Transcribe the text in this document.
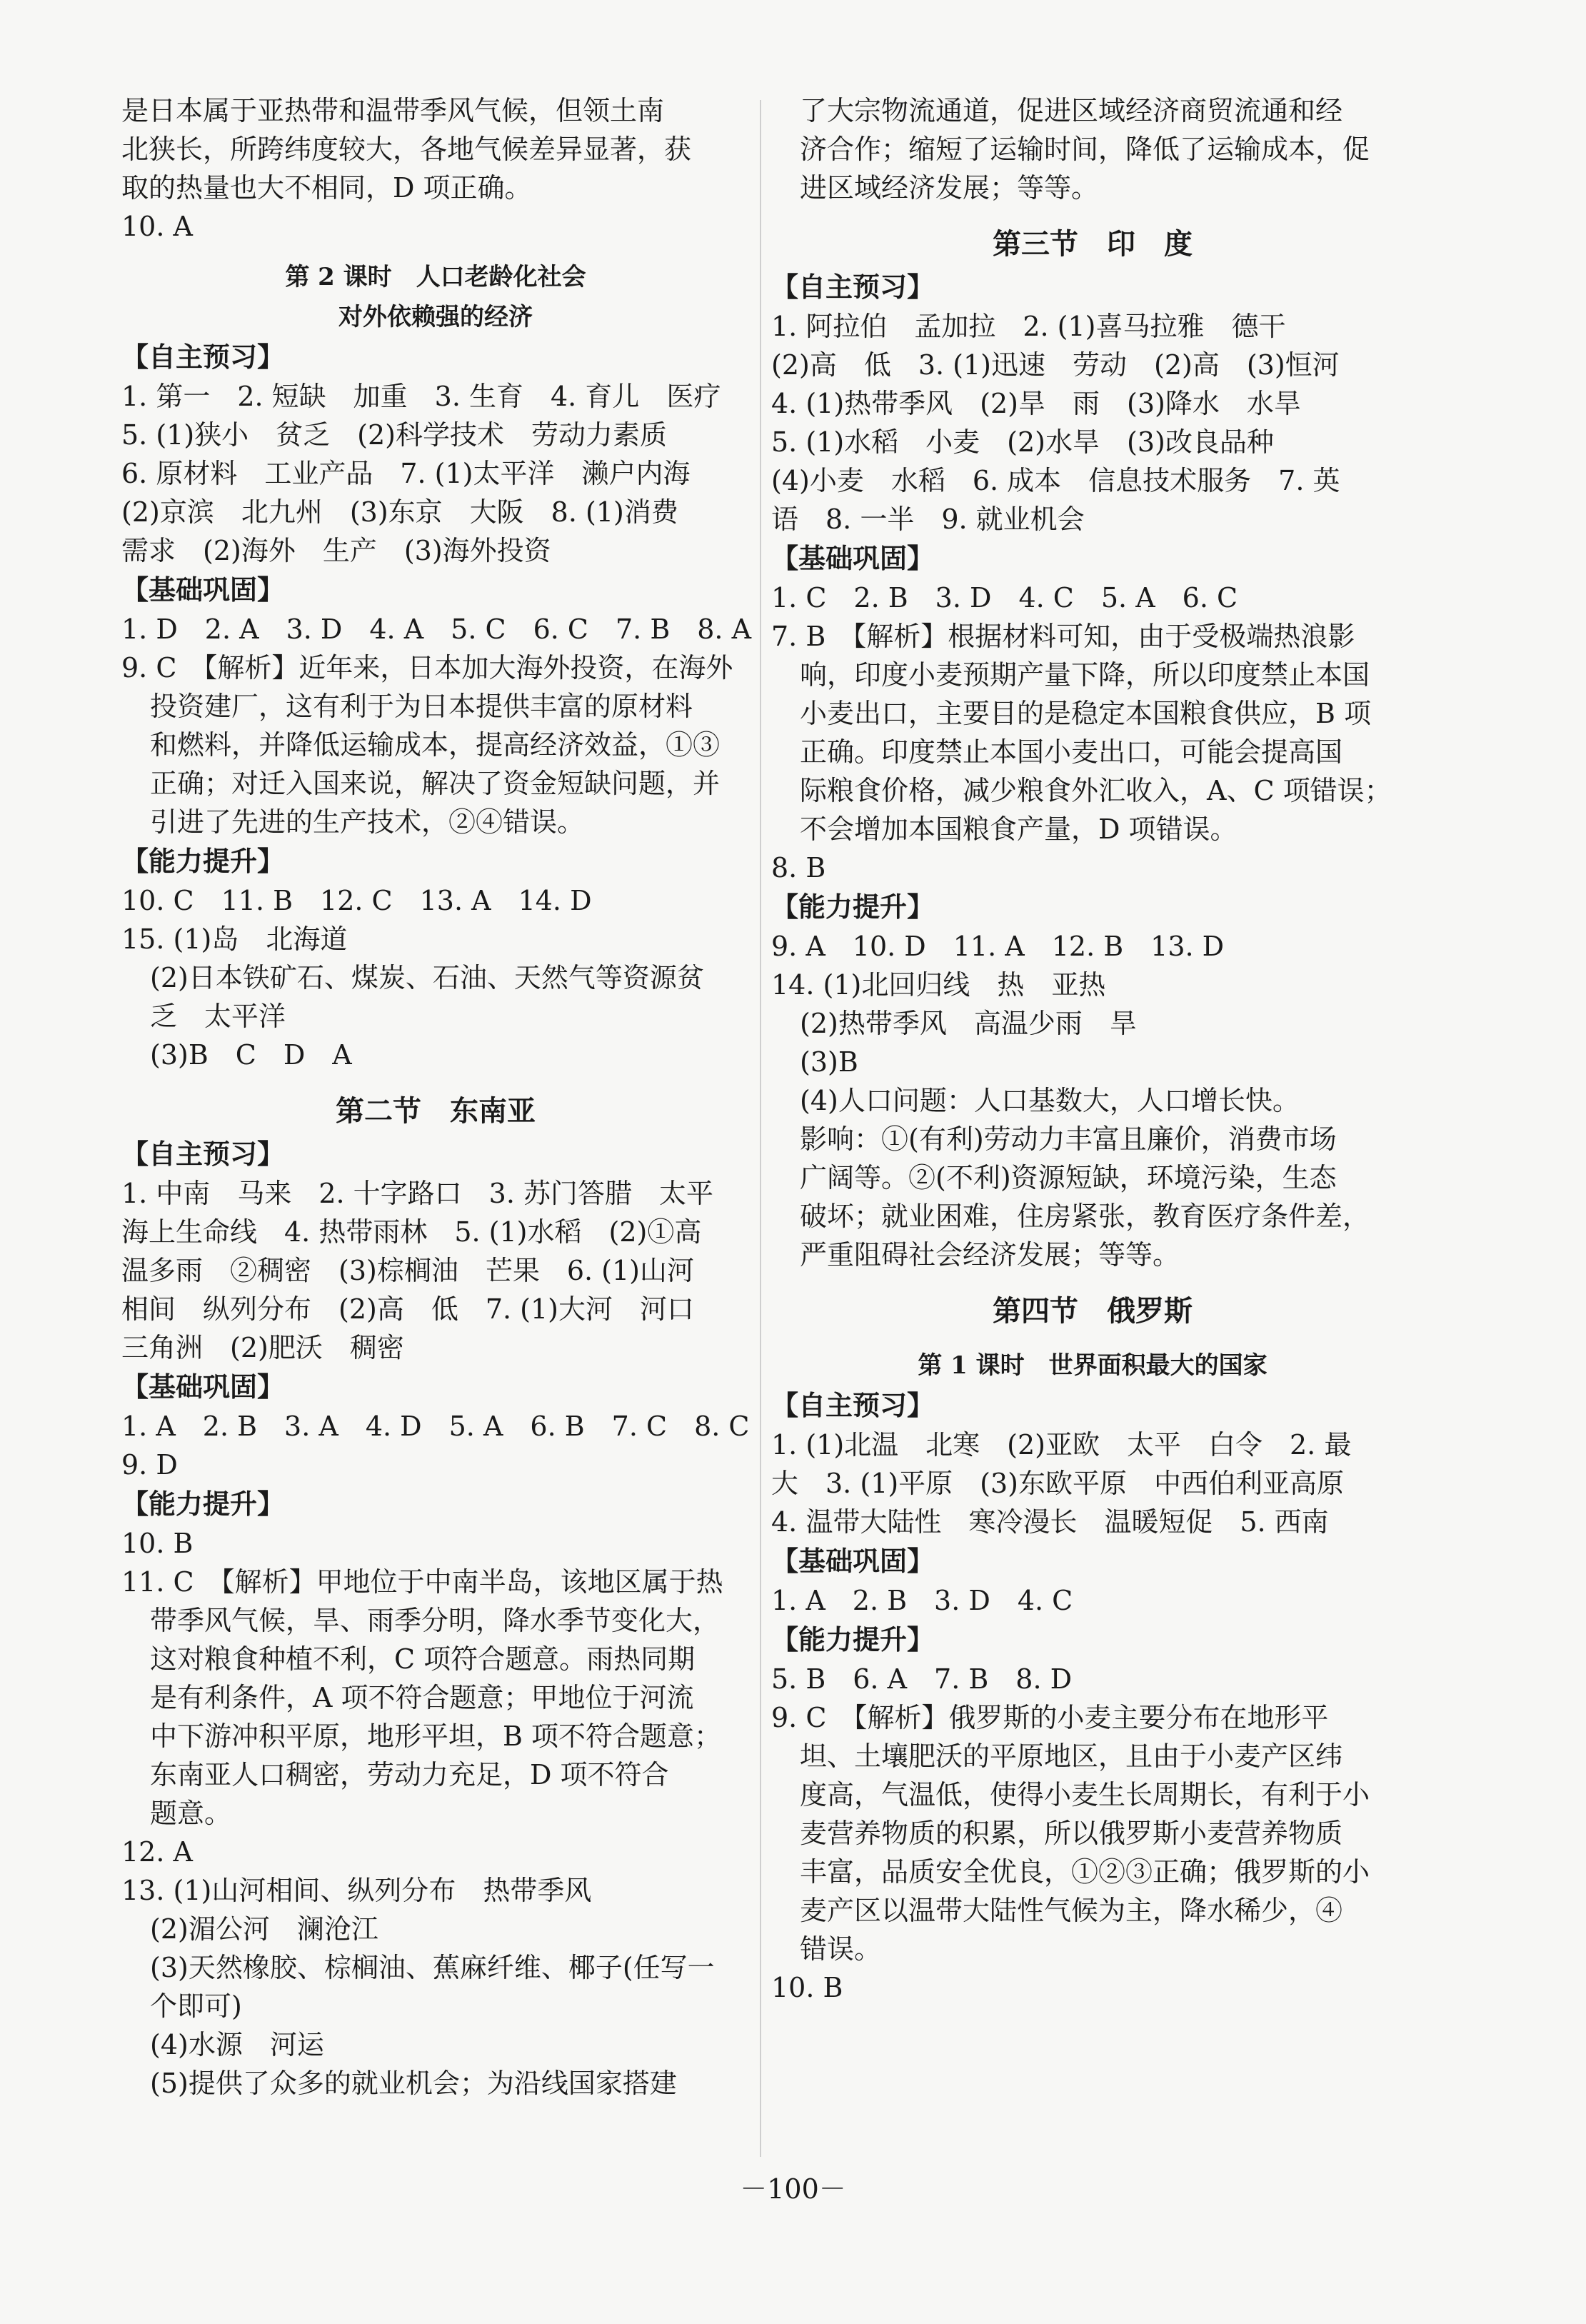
是日本属于亚热带和温带季风气候，但领土南
北狭长，所跨纬度较大，各地气候差异显著，获
取的热量也大不相同，D 项正确。
10. A
第 2 课时　人口老龄化社会
对外依赖强的经济
【自主预习】
1. 第一　2. 短缺　加重　3. 生育　4. 育儿　医疗
5. (1)狭小　贫乏　(2)科学技术　劳动力素质
6. 原材料　工业产品　7. (1)太平洋　濑户内海
(2)京滨　北九州　(3)东京　大阪　8. (1)消费
需求　(2)海外　生产　(3)海外投资
【基础巩固】
1. D　2. A　3. D　4. A　5. C　6. C　7. B　8. A
9. C　【解析】近年来，日本加大海外投资，在海外
投资建厂，这有利于为日本提供丰富的原材料
和燃料，并降低运输成本，提高经济效益，①③
正确；对迁入国来说，解决了资金短缺问题，并
引进了先进的生产技术，②④错误。
【能力提升】
10. C　11. B　12. C　13. A　14. D
15. (1)岛　北海道
(2)日本铁矿石、煤炭、石油、天然气等资源贫
乏　太平洋
(3)B　C　D　A
第二节　东南亚
【自主预习】
1. 中南　马来　2. 十字路口　3. 苏门答腊　太平
海上生命线　4. 热带雨林　5. (1)水稻　(2)①高
温多雨　②稠密　(3)棕榈油　芒果　6. (1)山河
相间　纵列分布　(2)高　低　7. (1)大河　河口
三角洲　(2)肥沃　稠密
【基础巩固】
1. A　2. B　3. A　4. D　5. A　6. B　7. C　8. C
9. D
【能力提升】
10. B
11. C　【解析】甲地位于中南半岛，该地区属于热
带季风气候，旱、雨季分明，降水季节变化大，
这对粮食种植不利，C 项符合题意。雨热同期
是有利条件，A 项不符合题意；甲地位于河流
中下游冲积平原，地形平坦，B 项不符合题意；
东南亚人口稠密，劳动力充足，D 项不符合
题意。
12. A
13. (1)山河相间、纵列分布　热带季风
(2)湄公河　澜沧江
(3)天然橡胶、棕榈油、蕉麻纤维、椰子(任写一
个即可)
(4)水源　河运
(5)提供了众多的就业机会；为沿线国家搭建
了大宗物流通道，促进区域经济商贸流通和经
济合作；缩短了运输时间，降低了运输成本，促
进区域经济发展；等等。
第三节　印　度
【自主预习】
1. 阿拉伯　孟加拉　2. (1)喜马拉雅　德干
(2)高　低　3. (1)迅速　劳动　(2)高　(3)恒河
4. (1)热带季风　(2)旱　雨　(3)降水　水旱
5. (1)水稻　小麦　(2)水旱　(3)改良品种
(4)小麦　水稻　6. 成本　信息技术服务　7. 英
语　8. 一半　9. 就业机会
【基础巩固】
1. C　2. B　3. D　4. C　5. A　6. C
7. B　【解析】根据材料可知，由于受极端热浪影
响，印度小麦预期产量下降，所以印度禁止本国
小麦出口，主要目的是稳定本国粮食供应，B 项
正确。印度禁止本国小麦出口，可能会提高国
际粮食价格，减少粮食外汇收入，A、C 项错误；
不会增加本国粮食产量，D 项错误。
8. B
【能力提升】
9. A　10. D　11. A　12. B　13. D
14. (1)北回归线　热　亚热
(2)热带季风　高温少雨　旱
(3)B
(4)人口问题：人口基数大，人口增长快。
影响：①(有利)劳动力丰富且廉价，消费市场
广阔等。②(不利)资源短缺，环境污染，生态
破坏；就业困难，住房紧张，教育医疗条件差，
严重阻碍社会经济发展；等等。
第四节　俄罗斯
第 1 课时　世界面积最大的国家
【自主预习】
1. (1)北温　北寒　(2)亚欧　太平　白令　2. 最
大　3. (1)平原　(3)东欧平原　中西伯利亚高原
4. 温带大陆性　寒冷漫长　温暖短促　5. 西南
【基础巩固】
1. A　2. B　3. D　4. C
【能力提升】
5. B　6. A　7. B　8. D
9. C　【解析】俄罗斯的小麦主要分布在地形平
坦、土壤肥沃的平原地区，且由于小麦产区纬
度高，气温低，使得小麦生长周期长，有利于小
麦营养物质的积累，所以俄罗斯小麦营养物质
丰富，品质安全优良，①②③正确；俄罗斯的小
麦产区以温带大陆性气候为主，降水稀少，④
错误。
10. B
－100－
